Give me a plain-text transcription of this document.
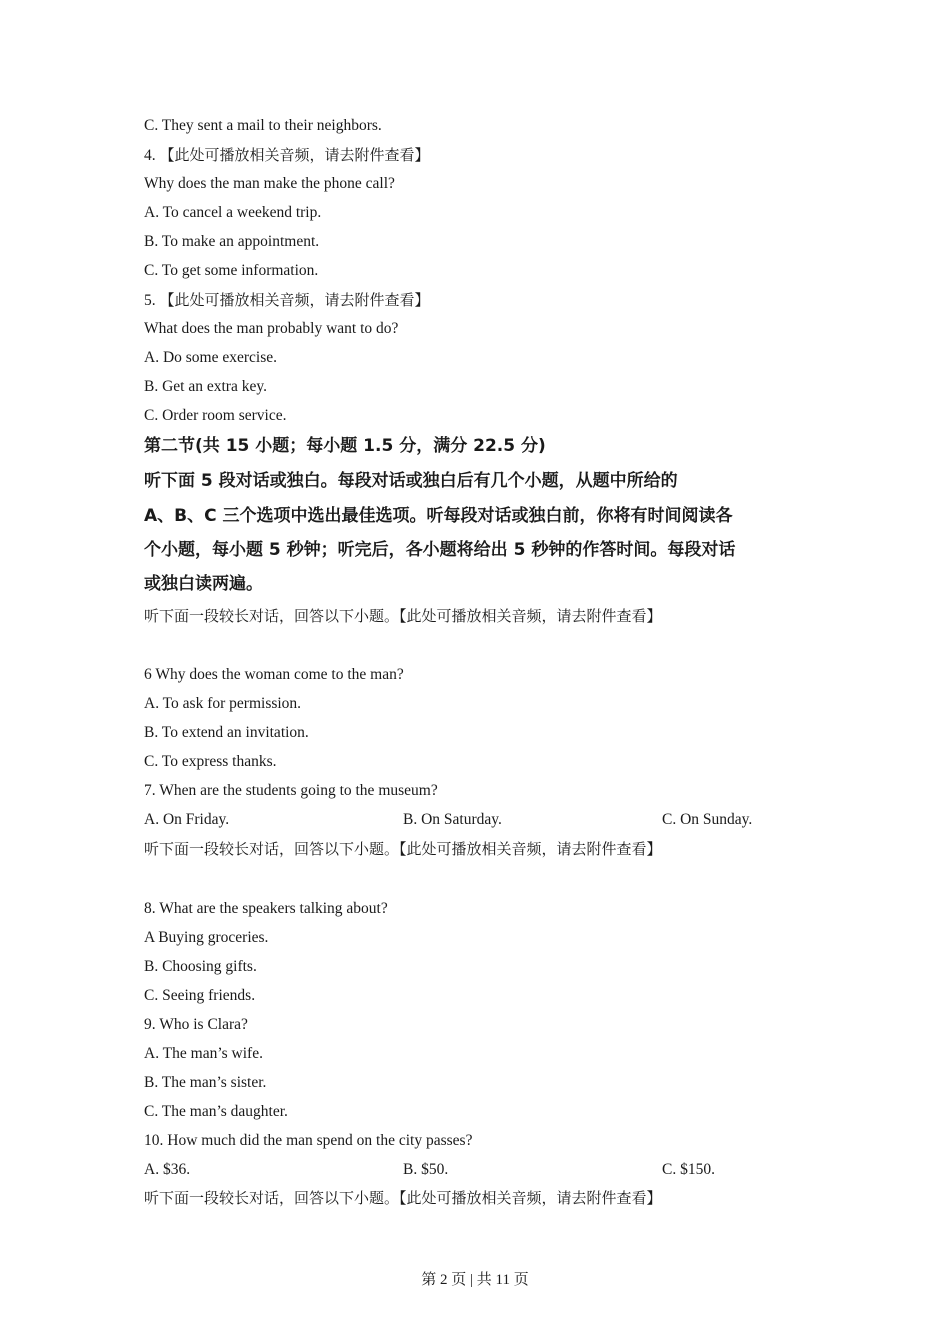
C. They sent a mail to their neighbors.
4. 【此处可播放相关音频，请去附件查看】
Why does the man make the phone call?
A. To cancel a weekend trip.
B. To make an appointment.
C. To get some information.
5. 【此处可播放相关音频，请去附件查看】
What does the man probably want to do?
A. Do some exercise.
B. Get an extra key.
C. Order room service.
第二节(共 15 小题；每小题 1.5 分，满分 22.5 分)
听下面 5 段对话或独白。每段对话或独白后有几个小题，从题中所给的
A、B、C 三个选项中选出最佳选项。听每段对话或独白前，你将有时间阅读各
个小题，每小题 5 秒钟；听完后，各小题将给出 5 秒钟的作答时间。每段对话
或独白读两遍。
听下面一段较长对话，回答以下小题。【此处可播放相关音频，请去附件查看】
6 Why does the woman come to the man?
A. To ask for permission.
B. To extend an invitation.
C. To express thanks.
7. When are the students going to the museum?
A. On Friday.	B. On Saturday.	C. On Sunday.
听下面一段较长对话，回答以下小题。【此处可播放相关音频，请去附件查看】
8. What are the speakers talking about?
A Buying groceries.
B. Choosing gifts.
C. Seeing friends.
9. Who is Clara?
A. The man’s wife.
B. The man’s sister.
C. The man’s daughter.
10. How much did the man spend on the city passes?
A. $36.	B. $50.	C. $150.
听下面一段较长对话，回答以下小题。【此处可播放相关音频，请去附件查看】
第 2 页 | 共 11 页
